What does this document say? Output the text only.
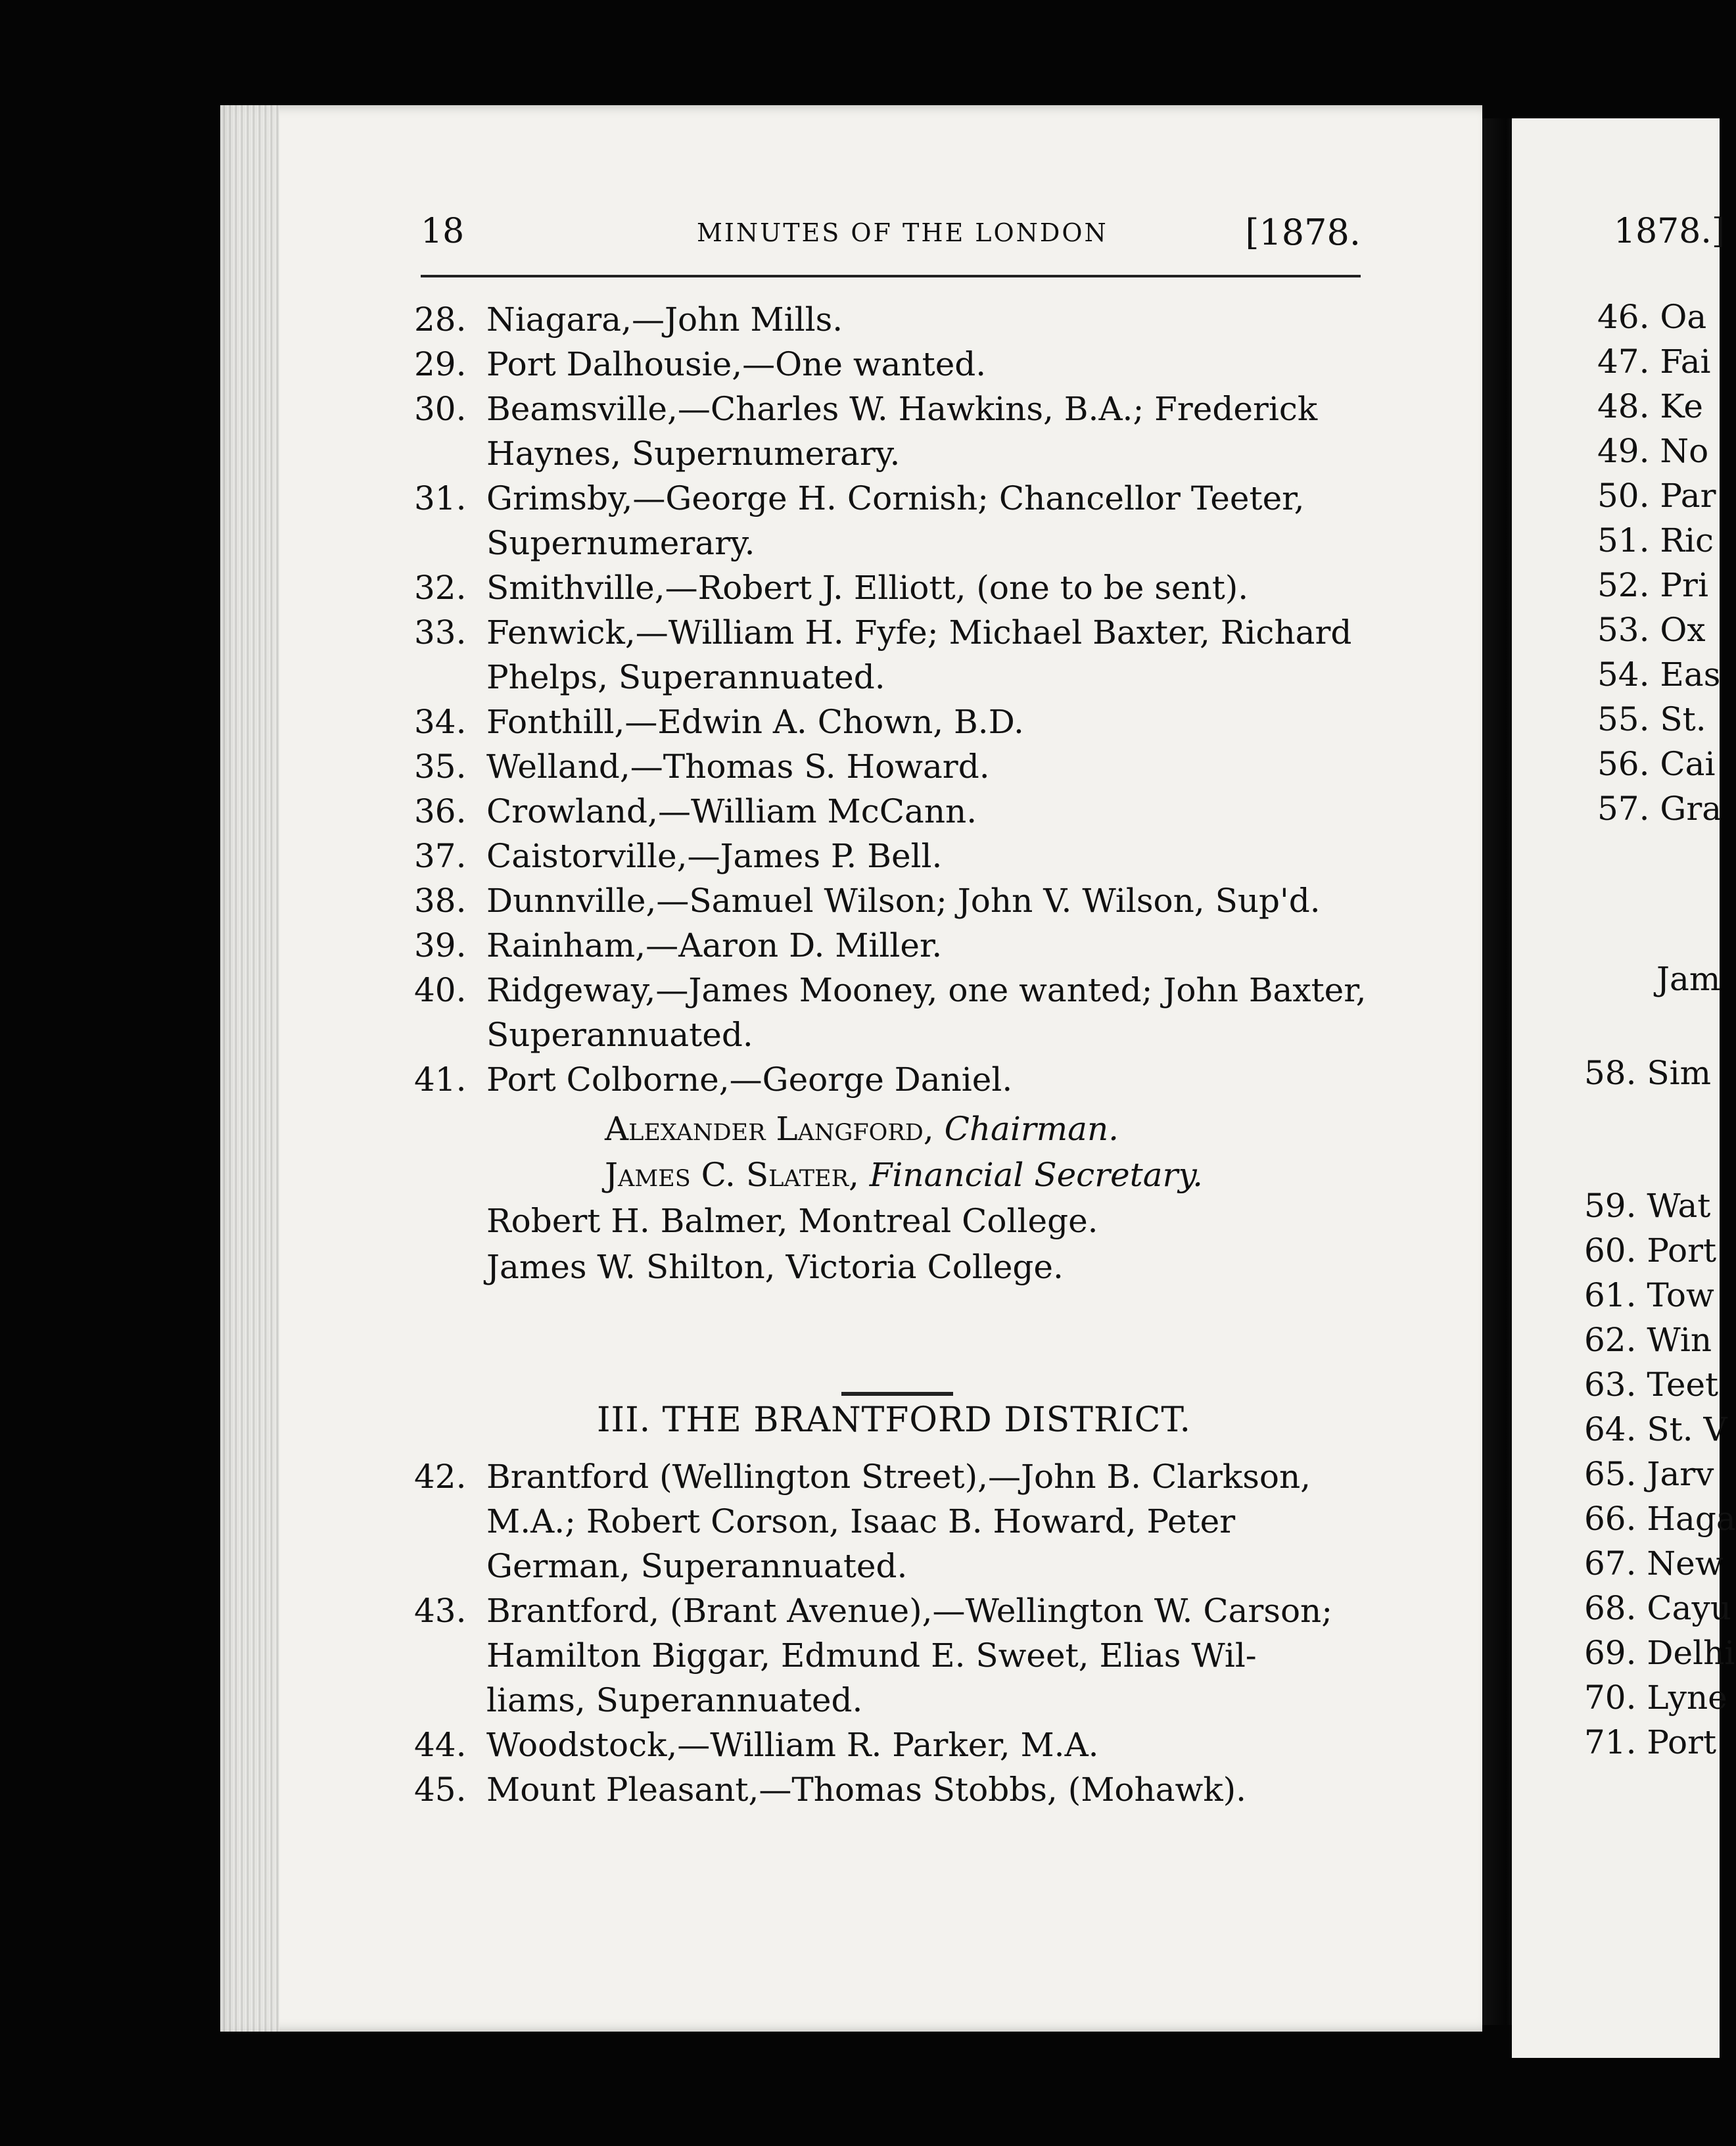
18	MINUTES OF THE LONDON	[1878.
28. Niagara,—John Mills.
29. Port Dalhousie,—One wanted.
30. Beamsville,—Charles W. Hawkins, B.A.; Frederick
Haynes, Supernumerary.
31. Grimsby,—George H. Cornish; Chancellor Teeter,
Supernumerary.
32. Smithville,—Robert J. Elliott, (one to be sent).
33. Fenwick,—William H. Fyfe; Michael Baxter, Richard
Phelps, Superannuated.
34. Fonthill,—Edwin A. Chown, B.D.
35. Welland,—Thomas S. Howard.
36. Crowland,—William McCann.
37. Caistorville,—James P. Bell.
38. Dunnville,—Samuel Wilson; John V. Wilson, Sup'd.
39. Rainham,—Aaron D. Miller.
40. Ridgeway,—James Mooney, one wanted; John Baxter,
Superannuated.
41. Port Colborne,—George Daniel.
Alexander Langford, Chairman.
James C. Slater, Financial Secretary.
Robert H. Balmer, Montreal College.
James W. Shilton, Victoria College.
III. THE BRANTFORD DISTRICT.
42. Brantford (Wellington Street),—John B. Clarkson,
M.A.; Robert Corson, Isaac B. Howard, Peter
German, Superannuated.
43. Brantford, (Brant Avenue),—Wellington W. Carson;
Hamilton Biggar, Edmund E. Sweet, Elias Wil-
liams, Superannuated.
44. Woodstock,—William R. Parker, M.A.
45. Mount Pleasant,—Thomas Stobbs, (Mohawk).
1878.]
46. Oa
47. Fai
48. Ke
49. No
50. Par
51. Ric
52. Pri
53. Ox
54. Eas
55. St.
56. Cai
57. Gra
Jam
58. Sim
59. Wat
60. Port
61. Tow
62. Win
63. Teet
64. St. V
65. Jarv
66. Haga
67. New
68. Cayu
69. Delhi
70. Lyne
71. Port
